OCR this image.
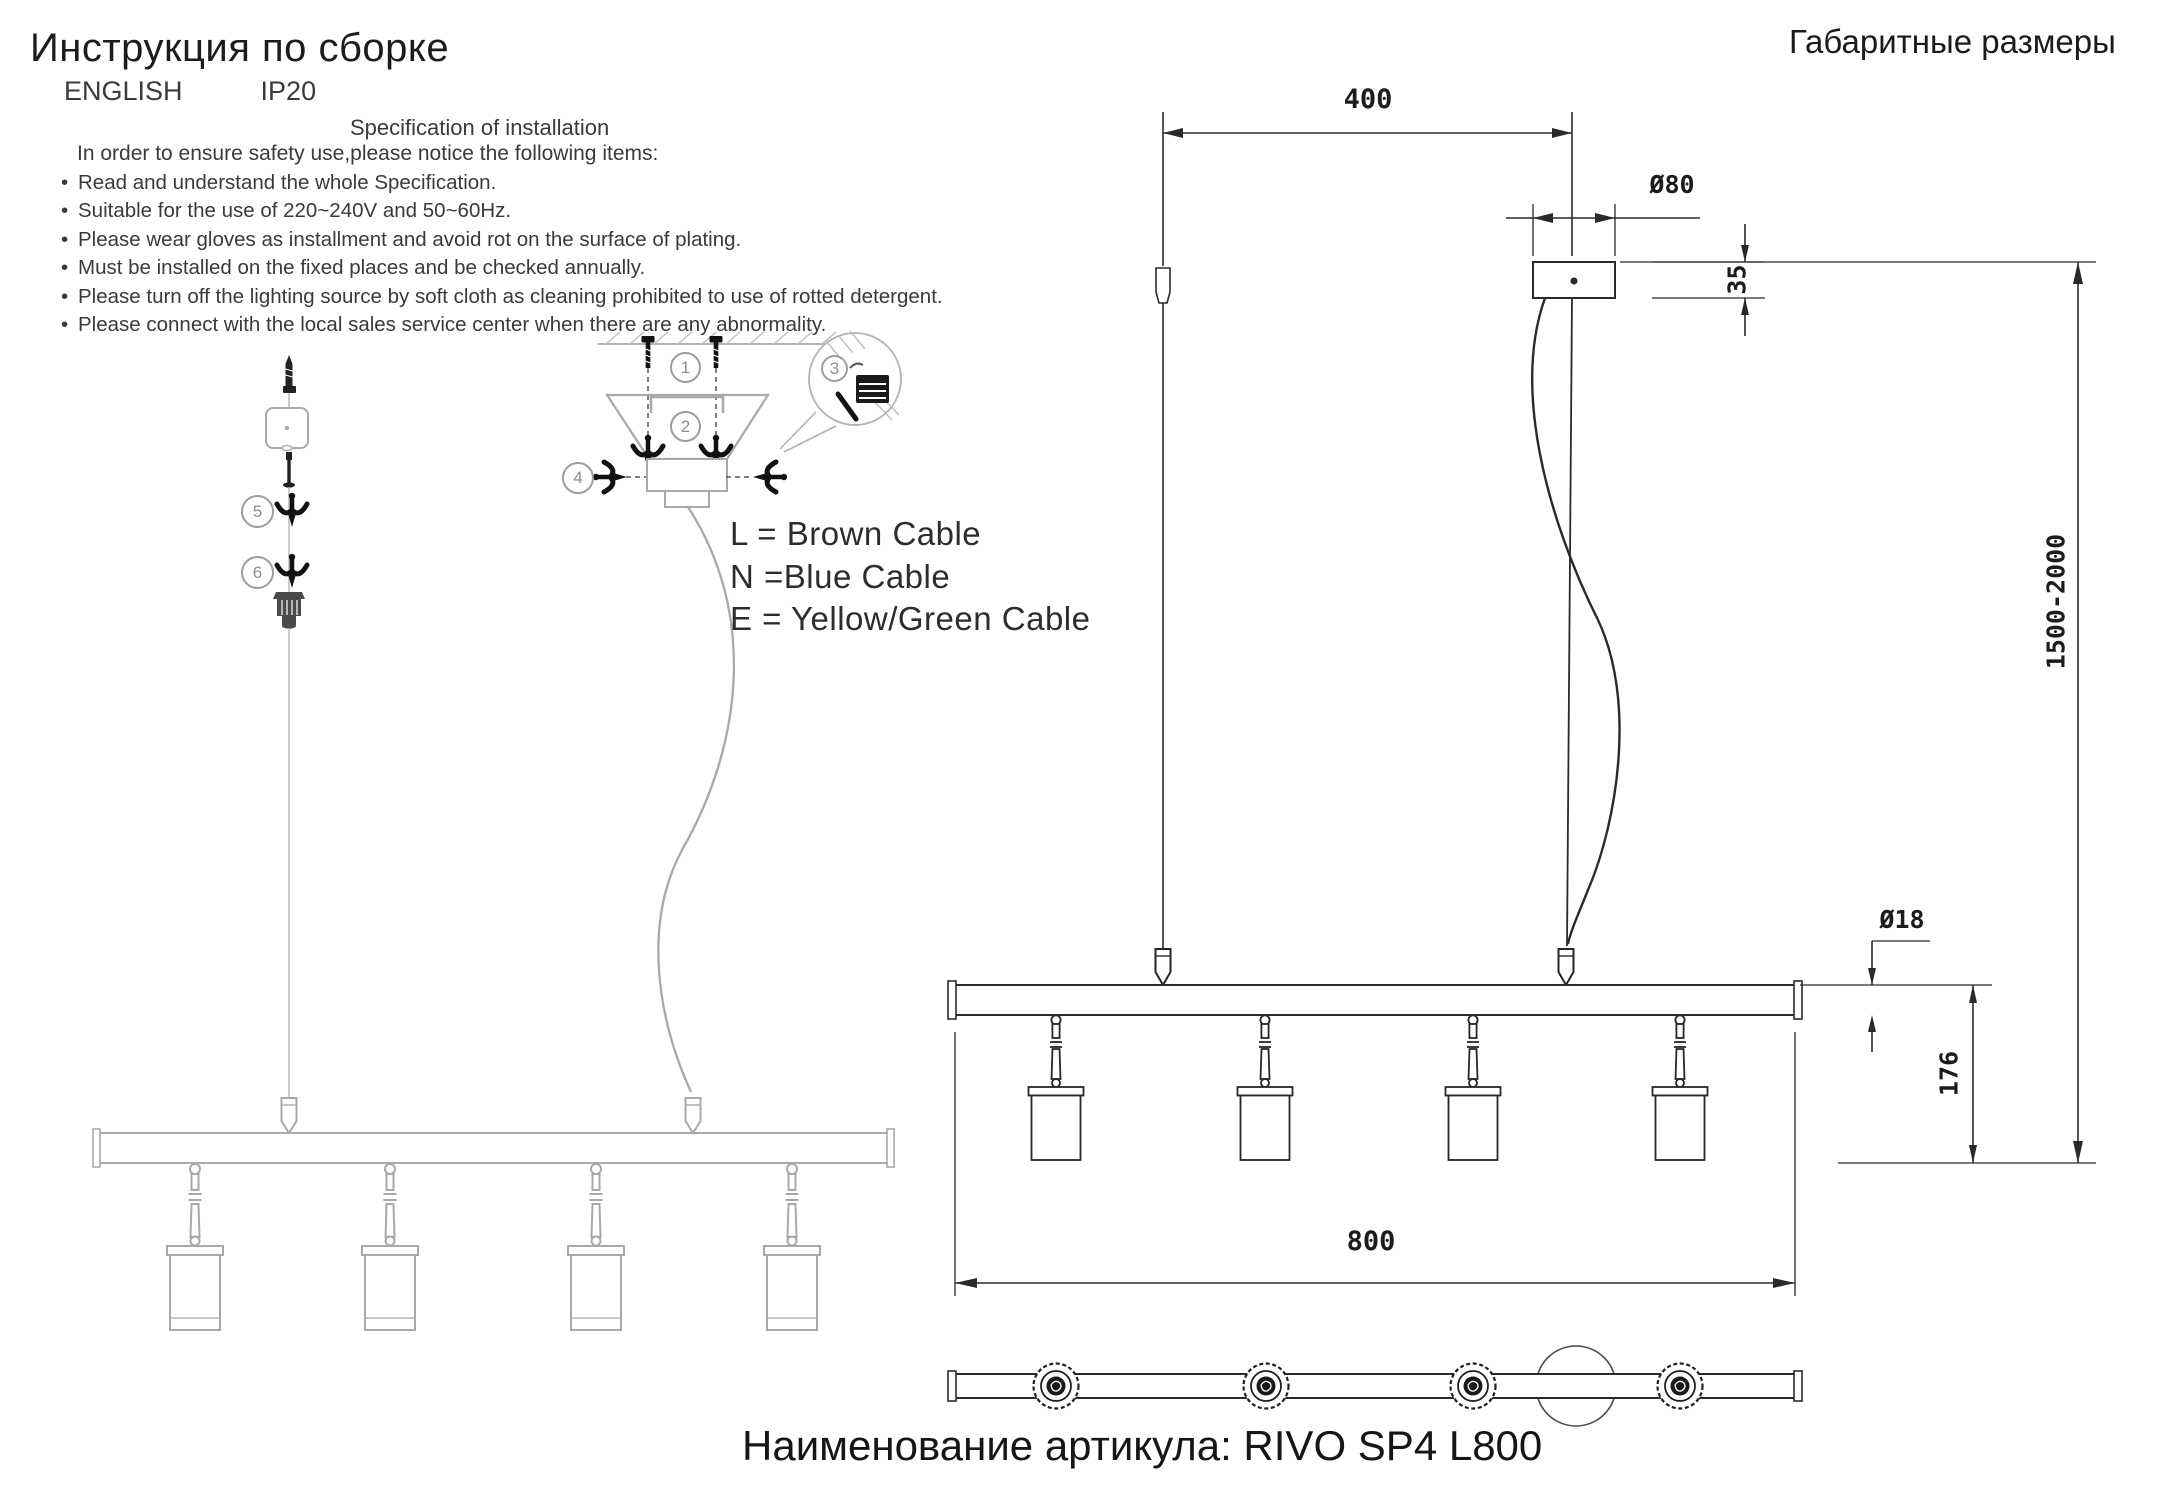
Инструкция по сборке
ENGLISH	IP20
Specification of installation
In order to ensure safety use,please notice the following items:
• Read and understand the whole Specification.
• Suitable for the use of 220~240V and 50~60Hz.
• Please wear gloves as installment and avoid rot on the surface of plating.
• Must be installed on the fixed places and be checked annually.
• Please turn off the lighting source by soft cloth as cleaning prohibited to use of rotted detergent.
• Please connect with the local sales service center when there are any abnormality.
L = Brown Cable
N =Blue Cable
E = Yellow/Green Cable
1
2
3
4
5
6
Габаритные размеры
400
Ø80
35
1500-2000
Ø18
176
800
Наименование артикула: RIVO SP4 L800
